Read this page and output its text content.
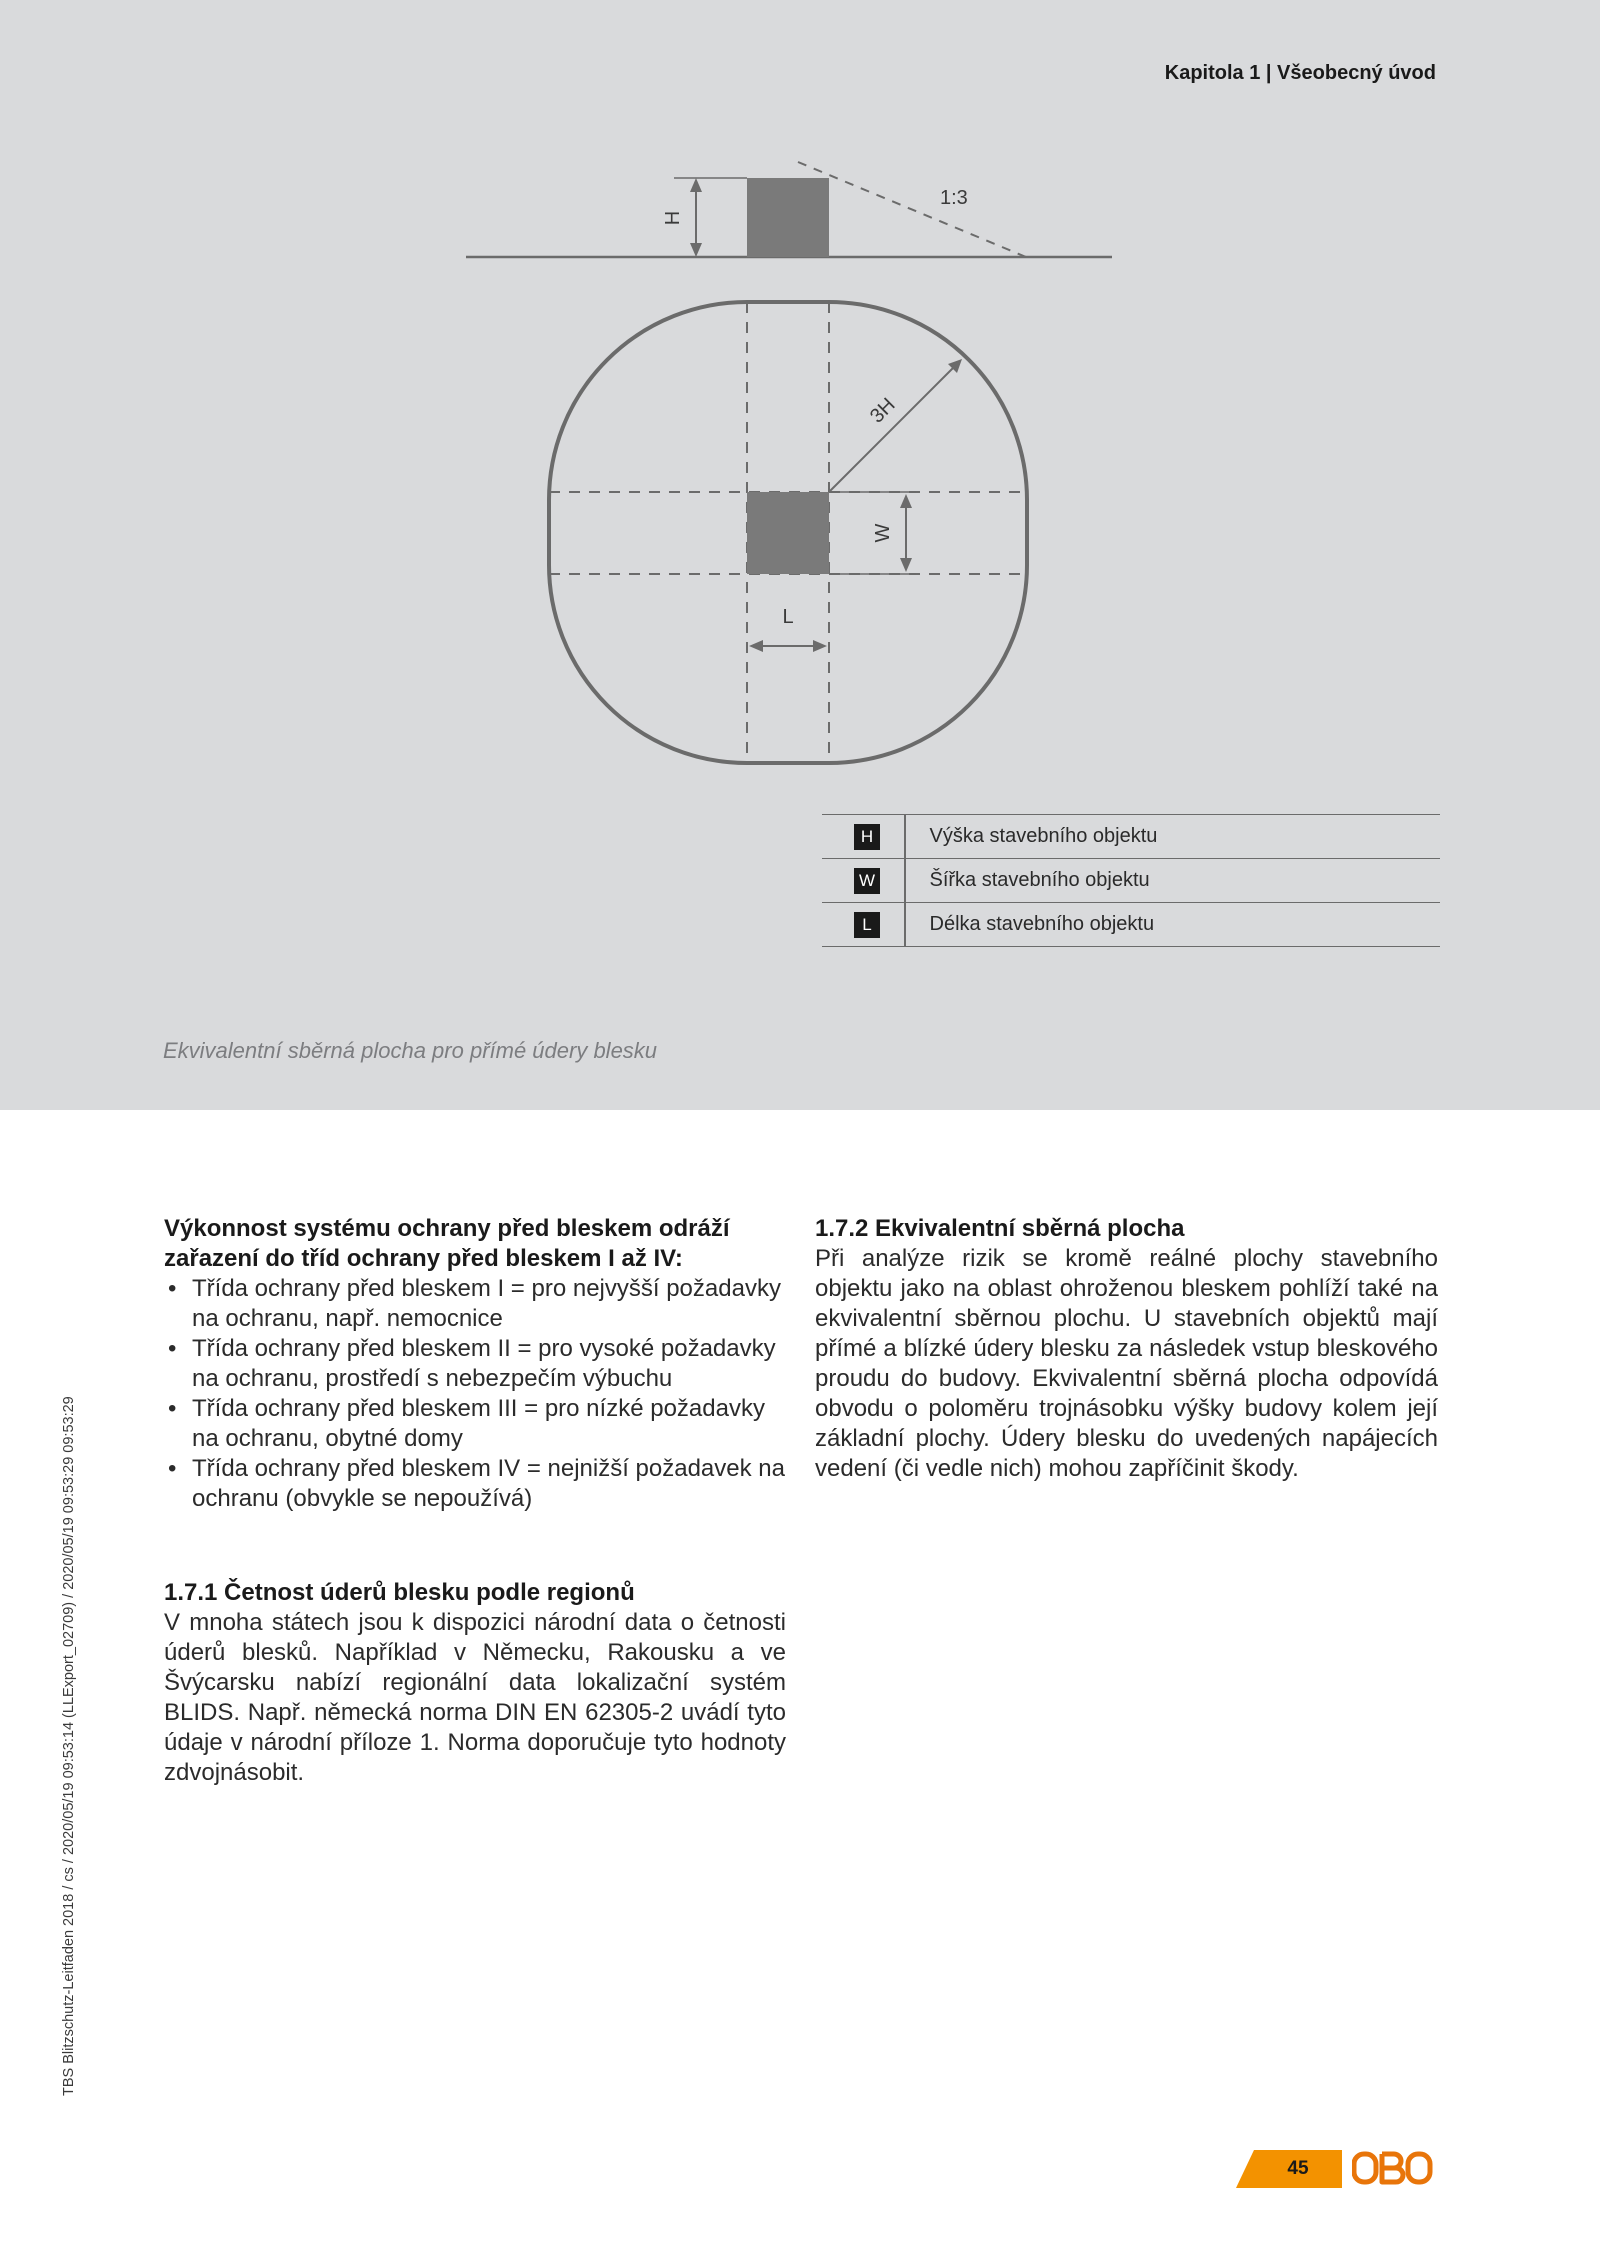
Kapitola 1 | Všeobecný úvod
H
1:3
3H
W
L
H	Výška stavebního objektu
W	Šířka stavebního objektu
L	Délka stavebního objektu
Ekvivalentní sběrná plocha pro přímé údery blesku
TBS Blitzschutz-Leitfaden 2018 / cs / 2020/05/19 09:53:14 (LLExport_02709) / 2020/05/19 09:53:29 09:53:29
Výkonnost systému ochrany před bleskem odráží zařazení do tříd ochrany před bleskem I až IV:
• Třída ochrany před bleskem I = pro nejvyšší požadavky na ochranu, např. nemocnice
• Třída ochrany před bleskem II = pro vysoké požadavky na ochranu, prostředí s nebezpečím výbuchu
• Třída ochrany před bleskem III = pro nízké požadavky na ochranu, obytné domy
• Třída ochrany před bleskem IV = nejnižší požadavek na ochranu (obvykle se nepoužívá)
1.7.1 Četnost úderů blesku podle regionů

V mnoha státech jsou k dispozici národní data o četnosti úderů blesků. Například v Německu, Rakousku a ve Švýcarsku nabízí regionální data lokalizační systém BLIDS. Např. německá norma DIN EN 62305-2 uvádí tyto údaje v národní příloze 1. Norma doporučuje tyto hodnoty zdvojnásobit.

1.7.2 Ekvivalentní sběrná plocha

Při analýze rizik se kromě reálné plochy stavebního objektu jako na oblast ohroženou bleskem pohlíží také na ekvivalentní sběrnou plochu. U stavebních objektů mají přímé a blízké údery blesku za následek vstup bleskového proudu do budovy. Ekvivalentní sběrná plocha odpovídá obvodu o poloměru trojnásobku výšky budovy kolem její základní plochy. Údery blesku do uvedených napájecích vedení (či vedle nich) mohou zapříčinit škody.

45
